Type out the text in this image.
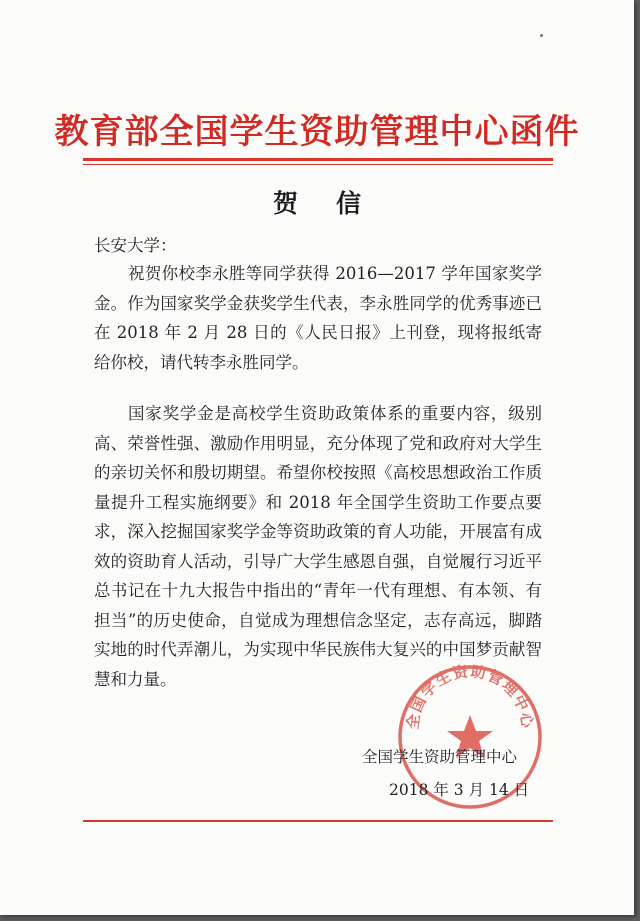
教育部全国学生资助管理中心函件
贺信
长安大学：

祝贺你校李永胜等同学获得 2016—2017 学年国家奖学金。作为国家奖学金获奖学生代表，李永胜同学的优秀事迹已在 2018 年 2 月 28 日的《人民日报》上刊登，现将报纸寄给你校，请代转李永胜同学。

国家奖学金是高校学生资助政策体系的重要内容，级别高、荣誉性强、激励作用明显，充分体现了党和政府对大学生的亲切关怀和殷切期望。希望你校按照《高校思想政治工作质量提升工程实施纲要》和 2018 年全国学生资助工作要点要求，深入挖掘国家奖学金等资助政策的育人功能，开展富有成效的资助育人活动，引导广大学生感恩自强，自觉履行习近平总书记在十九大报告中指出的“青年一代有理想、有本领、有担当”的历史使命，自觉成为理想信念坚定，志存高远，脚踏实地的时代弄潮儿，为实现中华民族伟大复兴的中国梦贡献智慧和力量。

全国学生资助管理中心
全国学生资助管理中心
2018 年 3 月 14 日
